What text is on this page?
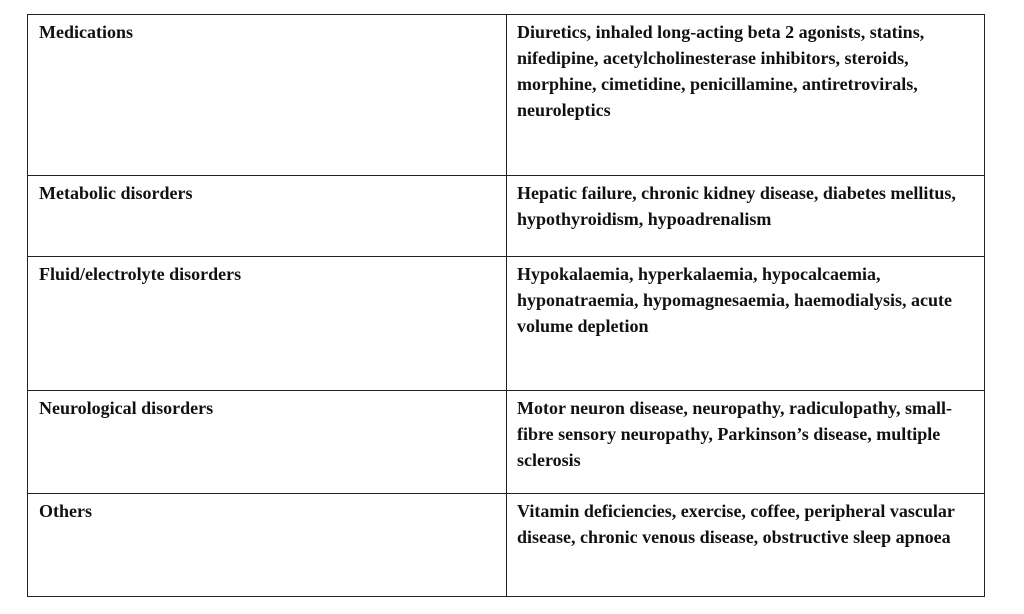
Medications	Diuretics, inhaled long-acting beta 2 agonists, statins, nifedipine, acetylcholinesterase inhibitors, steroids, morphine, cimetidine, penicillamine, antiretrovirals, neuroleptics
Metabolic disorders	Hepatic failure, chronic kidney disease, diabetes mellitus, hypothyroidism, hypoadrenalism
Fluid/electrolyte disorders	Hypokalaemia, hyperkalaemia, hypocalcaemia, hyponatraemia, hypomagnesaemia, haemodialysis, acute volume depletion
Neurological disorders	Motor neuron disease, neuropathy, radiculopathy, small-fibre sensory neuropathy, Parkinson’s disease, multiple sclerosis
Others	Vitamin deficiencies, exercise, coffee, peripheral vascular disease, chronic venous disease, obstructive sleep apnoea
